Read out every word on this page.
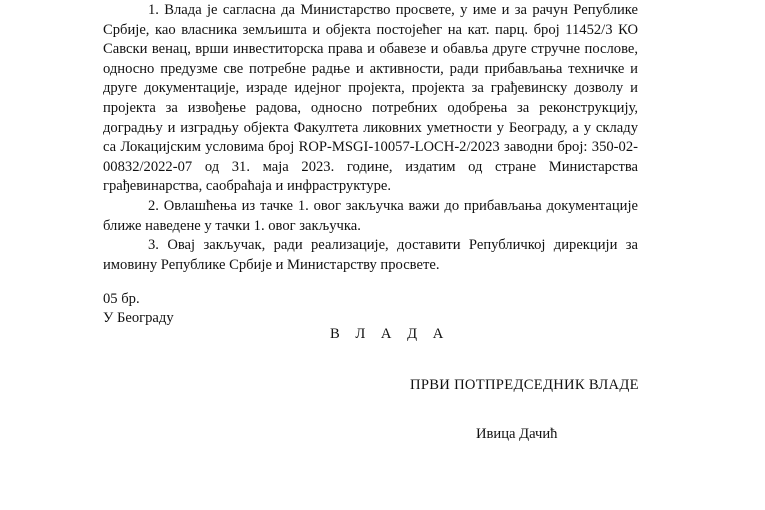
1. Влада је сагласна да Министарство просвете, у име и за рачун Републике
Србије, као власника земљишта и објекта постојећег на кат. парц. број 11452/3 КО
Савски венац, врши инвеститорска права и обавезе и обавља друге стручне послове,
односно предузме све потребне радње и активности, ради прибављања техничке и
друге документације, израде идејног пројекта, пројекта за грађевинску дозволу и
пројекта за извођење радова, односно потребних одобрења за реконструкцију,
доградњу и изградњу објекта Факултета ликовних уметности у Београду, а у складу
са Локацијским условима број ROP-MSGI-10057-LOCH-2/2023 заводни број: 350-02-
00832/2022-07 од 31. маја 2023. године, издатим од стране Министарства
грађевинарства, саобраћаја и инфраструктуре.
2. Овлашћења из тачке 1. овог закључка важи до прибављања документације
ближе наведене у тачки 1. овог закључка.
3. Овај закључак, ради реализације, доставити Републичкој дирекцији за
имовину Републике Србије и Министарству просвете.
05 бр.
У Београду
В Л А Д А
ПРВИ ПОТПРЕДСЕДНИК ВЛАДЕ
Ивица Дачић
